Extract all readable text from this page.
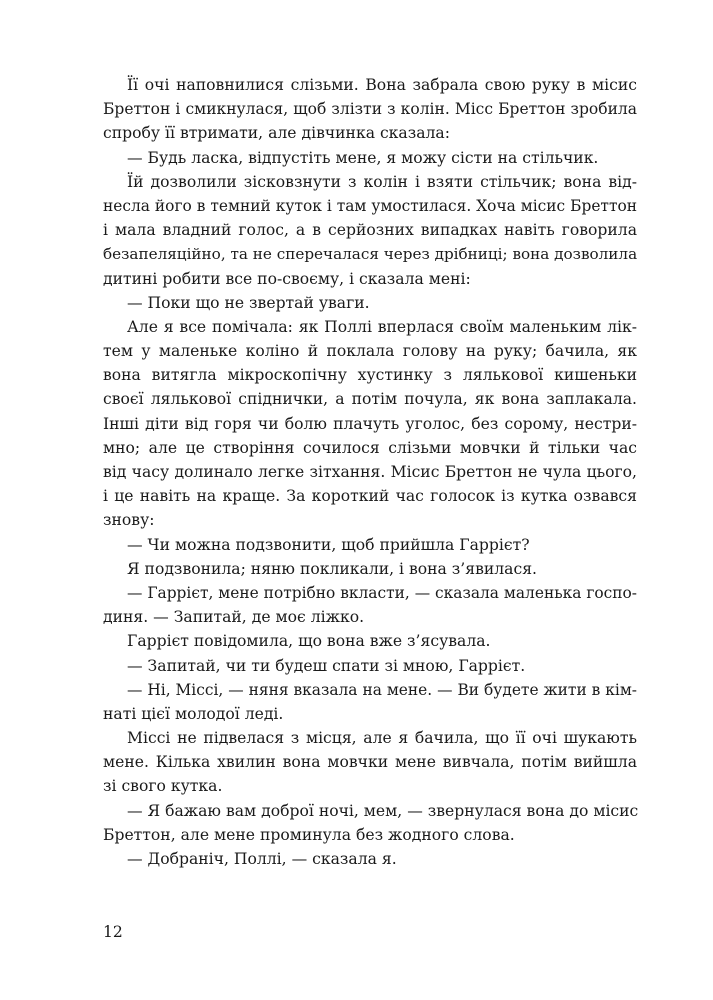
Її очі наповнилися слізьми. Вона забрала свою руку в місис
Бреттон і смикнулася, щоб злізти з колін. Місс Бреттон зробила
спробу її втримати, але дівчинка сказала:
— Будь ласка, відпустіть мене, я можу сісти на стільчик.
Їй дозволили зісковзнути з колін і взяти стільчик; вона від-
несла його в темний куток і там умостилася. Хоча місис Бреттон
і мала владний голос, а в серйозних випадках навіть говорила
безапеляційно, та не сперечалася через дрібниці; вона дозволила
дитині робити все по-своєму, і сказала мені:
— Поки що не звертай уваги.
Але я все помічала: як Поллі вперлася своїм маленьким лік-
тем у маленьке коліно й поклала голову на руку; бачила, як
вона витягла мікроскопічну хустинку з лялькової кишеньки
своєї лялькової спіднички, а потім почула, як вона заплакала.
Інші діти від горя чи болю плачуть уголос, без сорому, нестри-
мно; але це створіння сочилося слізьми мовчки й тільки час
від часу долинало легке зітхання. Місис Бреттон не чула цього,
і це навіть на краще. За короткий час голосок із кутка озвався
знову:
— Чи можна подзвонити, щоб прийшла Гаррієт?
Я подзвонила; няню покликали, і вона з’явилася.
— Гаррієт, мене потрібно вкласти, — сказала маленька госпо-
диня. — Запитай, де моє ліжко.
Гаррієт повідомила, що вона вже з’ясувала.
— Запитай, чи ти будеш спати зі мною, Гаррієт.
— Ні, Міссі, — няня вказала на мене. — Ви будете жити в кім-
наті цієї молодої леді.
Міссі не підвелася з місця, але я бачила, що її очі шукають
мене. Кілька хвилин вона мовчки мене вивчала, потім вийшла
зі свого кутка.
— Я бажаю вам доброї ночі, мем, — звернулася вона до місис
Бреттон, але мене проминула без жодного слова.
— Добраніч, Поллі, — сказала я.
12
